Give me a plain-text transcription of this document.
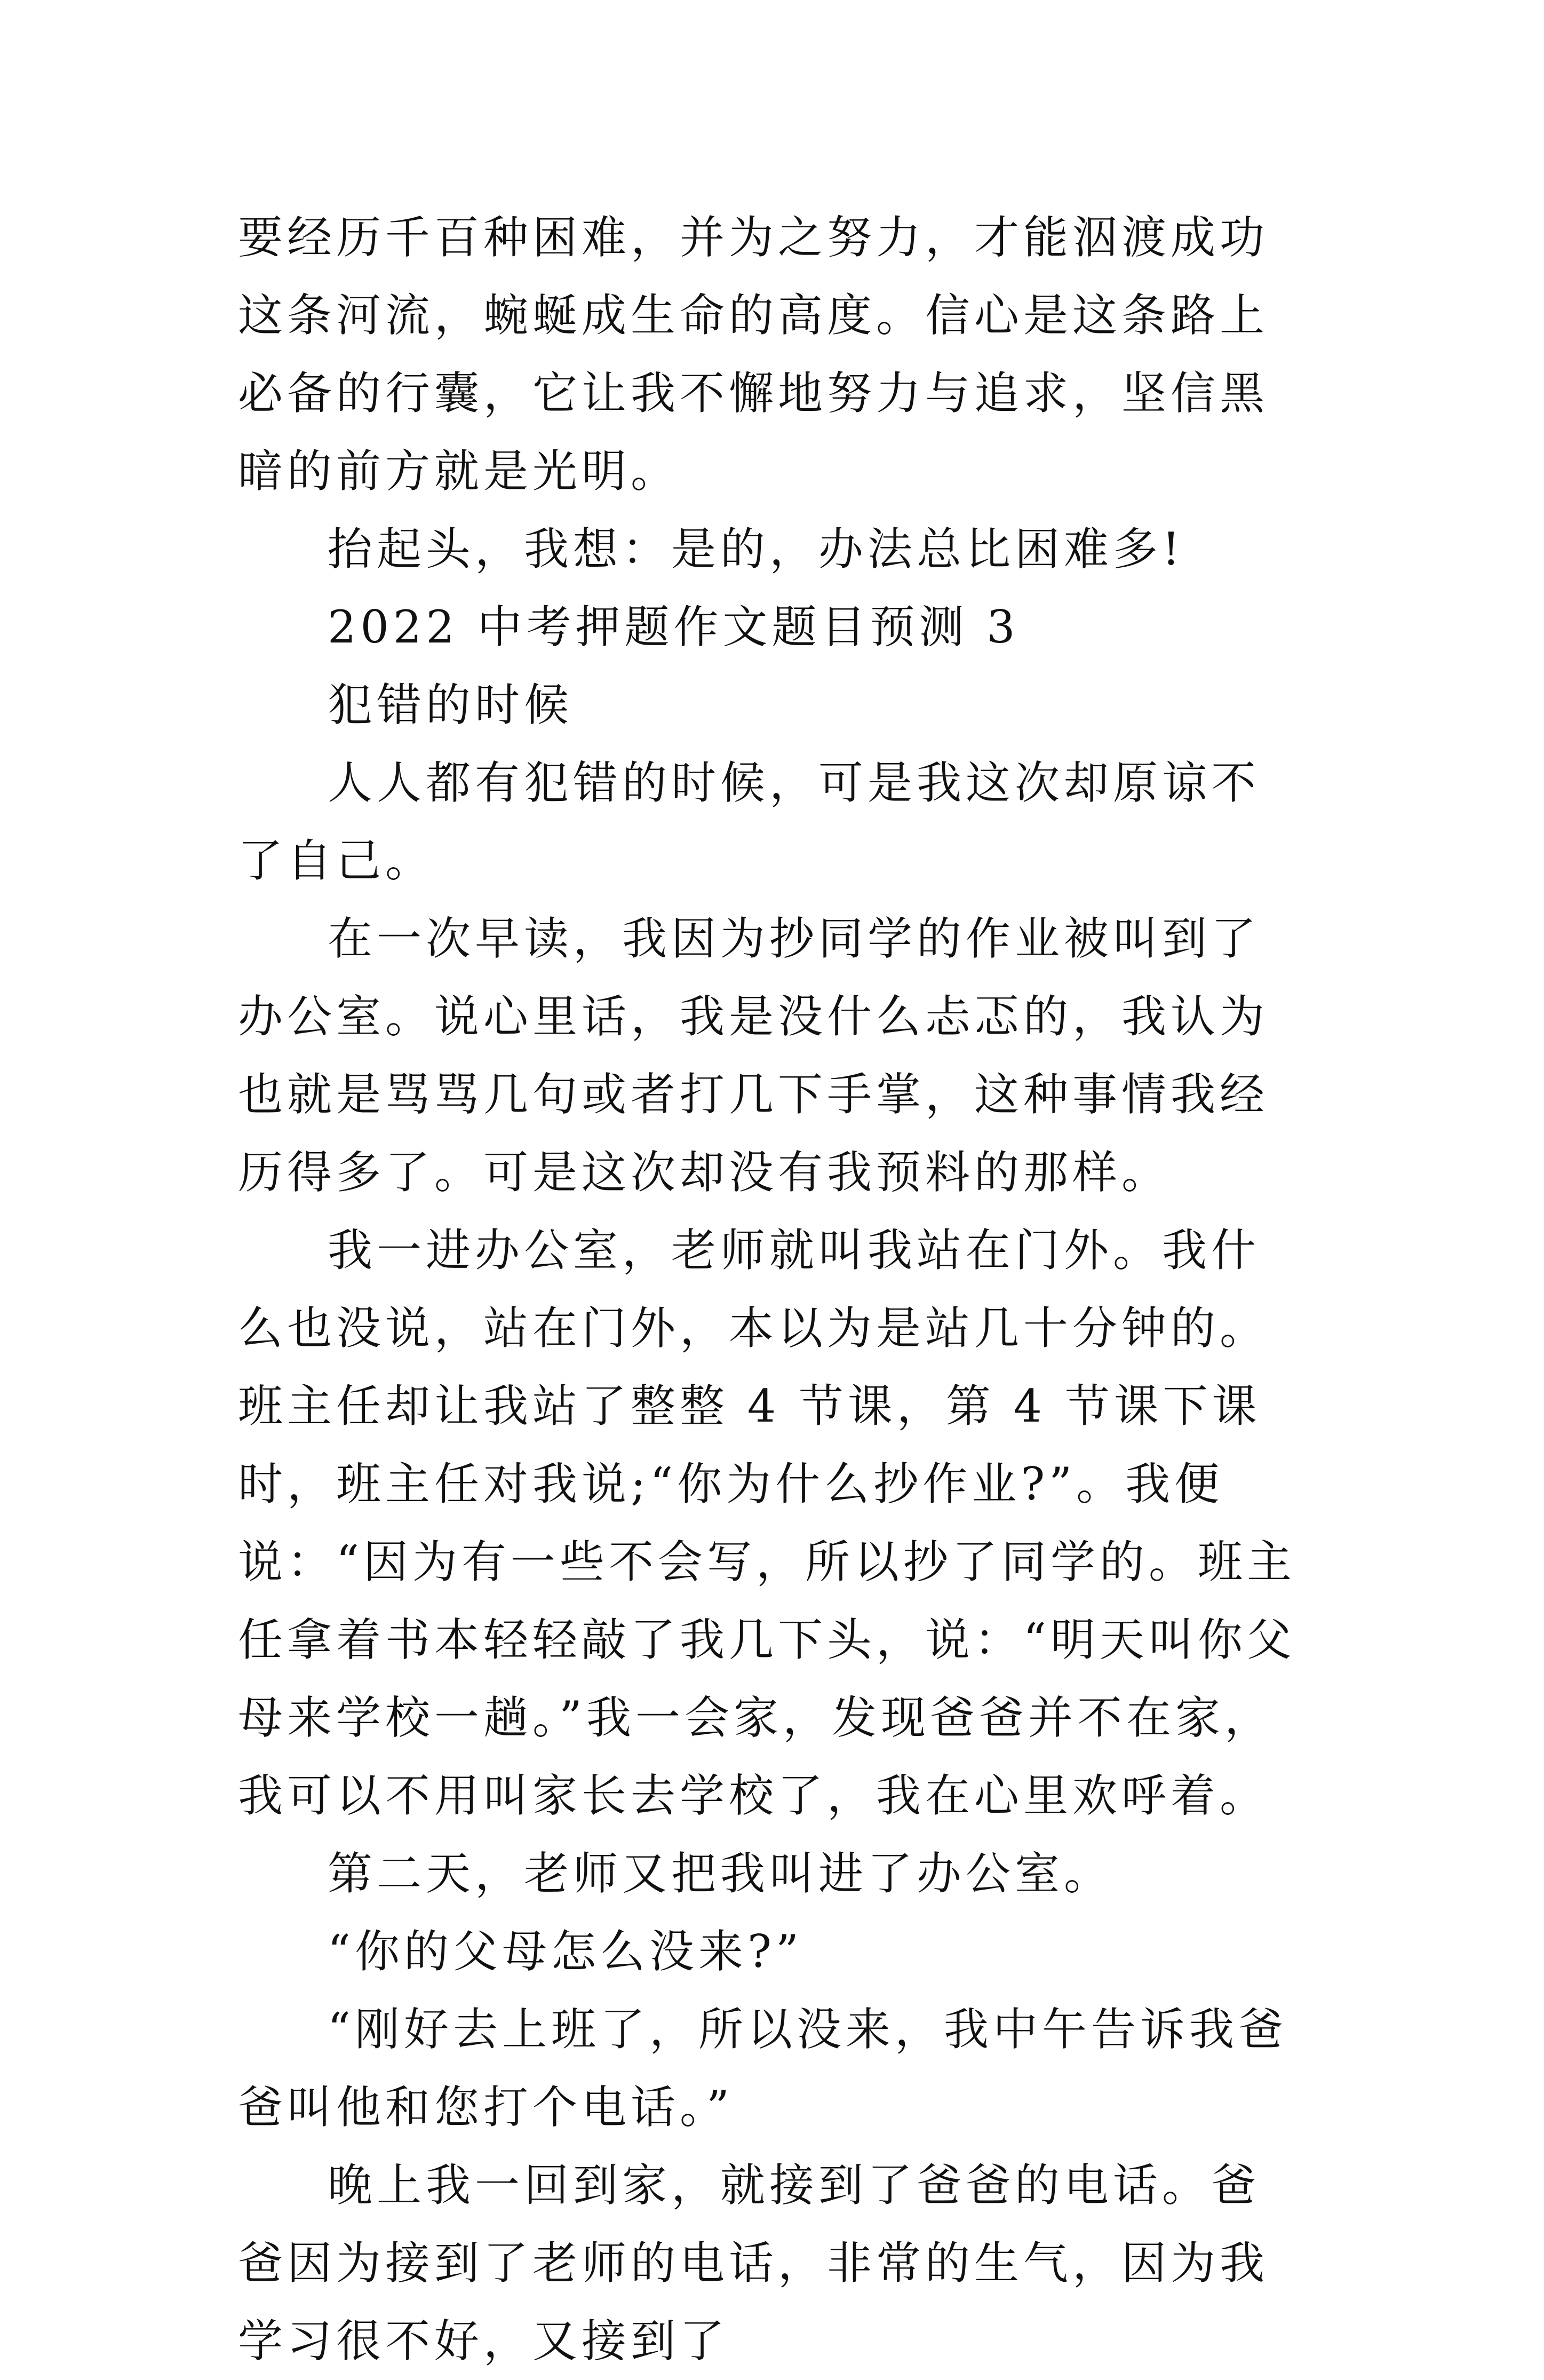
要经历千百种困难，并为之努力，才能泅渡成功这条河流，蜿蜒成生命的高度。信心是这条路上必备的行囊，它让我不懈地努力与追求，坚信黑暗的前方就是光明。

抬起头，我想：是的，办法总比困难多!

2022 中考押题作文题目预测 3

犯错的时候

人人都有犯错的时候，可是我这次却原谅不了自己。

在一次早读，我因为抄同学的作业被叫到了办公室。说心里话，我是没什么忐忑的，我认为也就是骂骂几句或者打几下手掌，这种事情我经历得多了。可是这次却没有我预料的那样。

我一进办公室，老师就叫我站在门外。我什么也没说，站在门外，本以为是站几十分钟的。班主任却让我站了整整 4 节课，第 4 节课下课时，班主任对我说;“你为什么抄作业?”。我便说：“因为有一些不会写，所以抄了同学的。班主任拿着书本轻轻敲了我几下头，说：“明天叫你父母来学校一趟。”我一会家，发现爸爸并不在家，我可以不用叫家长去学校了，我在心里欢呼着。

第二天，老师又把我叫进了办公室。

“你的父母怎么没来?”

“刚好去上班了，所以没来，我中午告诉我爸爸叫他和您打个电话。”

晚上我一回到家，就接到了爸爸的电话。爸爸因为接到了老师的电话，非常的生气，因为我学习很不好，又接到了
